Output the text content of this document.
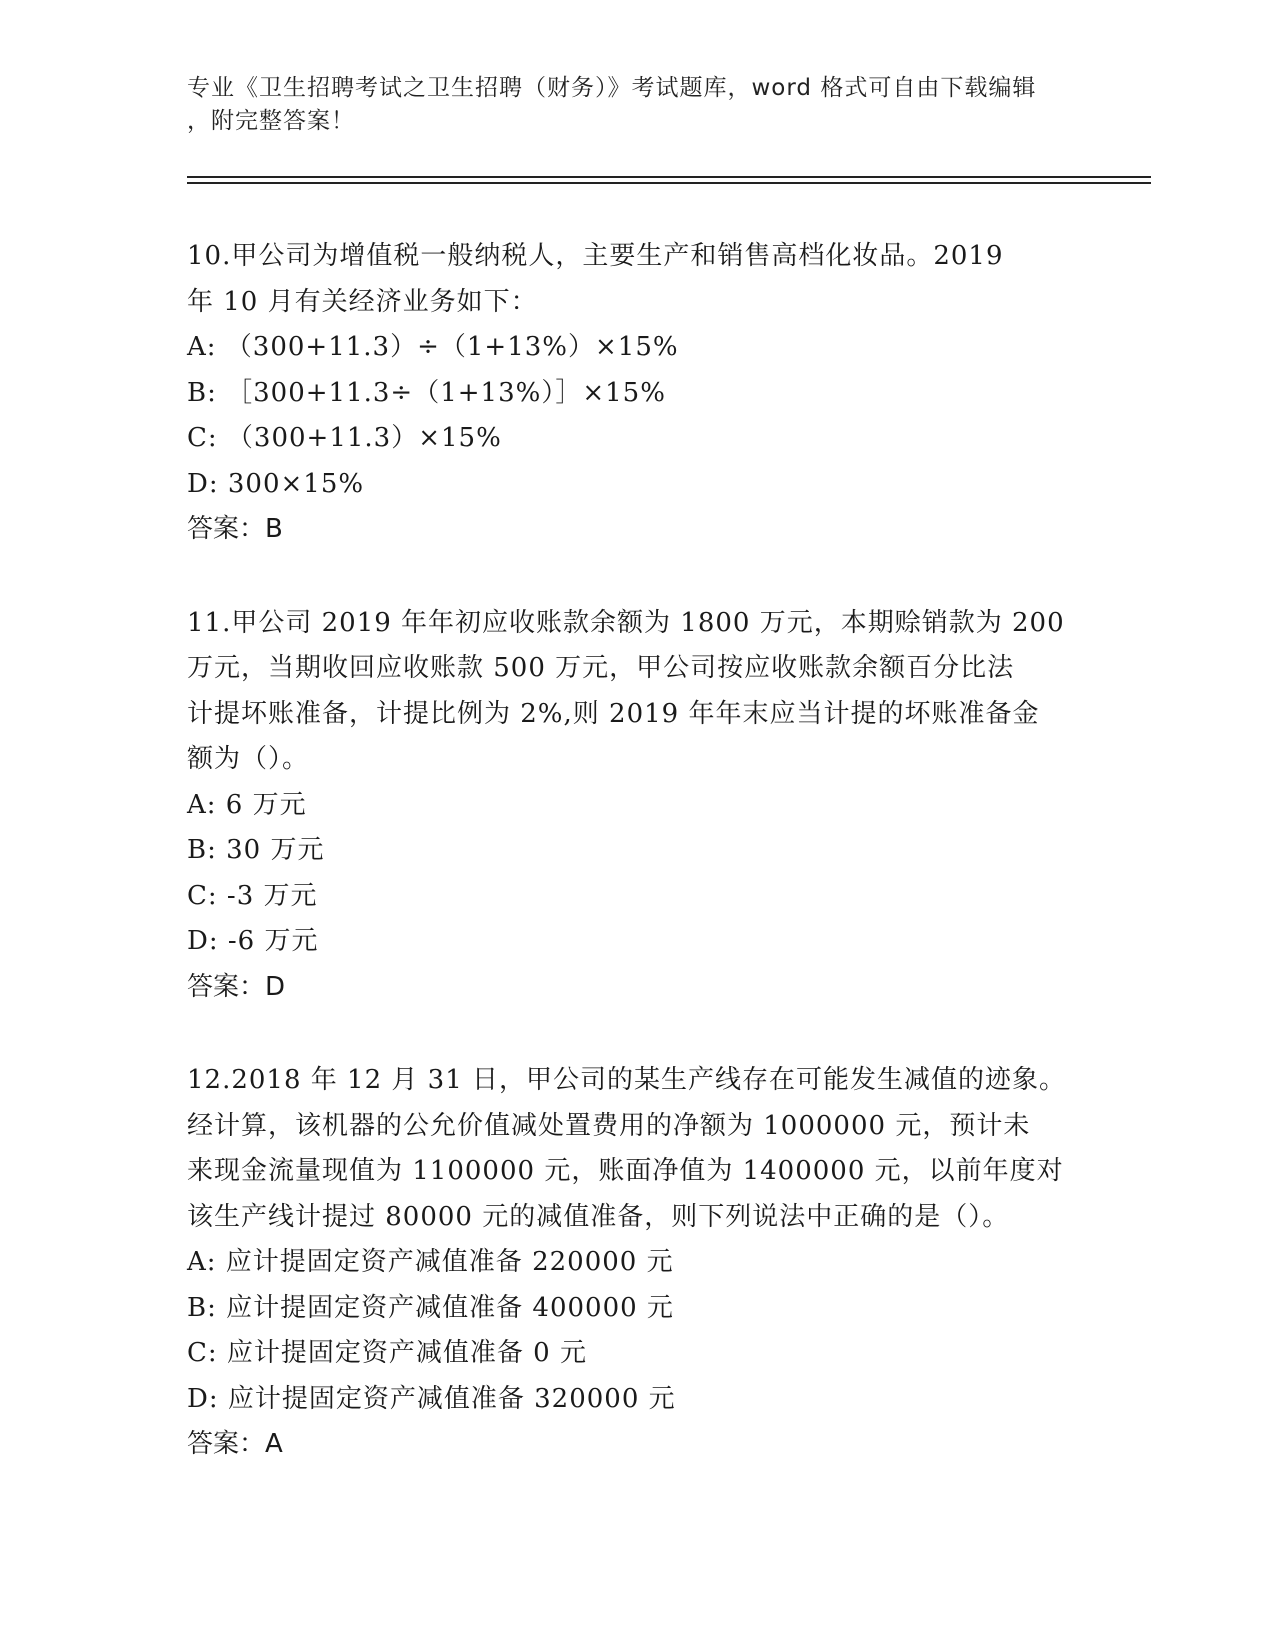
专业《卫生招聘考试之卫生招聘（财务）》考试题库，word 格式可自由下载编辑
，附完整答案！
10.甲公司为增值税一般纳税人，主要生产和销售高档化妆品。2019
年 10 月有关经济业务如下：
A: （300+11.3）÷（1+13%）×15%
B: ［300+11.3÷（1+13%）］×15%
C: （300+11.3）×15%
D: 300×15%
答案：B
11.甲公司 2019 年年初应收账款余额为 1800 万元，本期赊销款为 200
万元，当期收回应收账款 500 万元，甲公司按应收账款余额百分比法
计提坏账准备，计提比例为 2%,则 2019 年年末应当计提的坏账准备金
额为（）。
A: 6 万元
B: 30 万元
C: -3 万元
D: -6 万元
答案：D
12.2018 年 12 月 31 日，甲公司的某生产线存在可能发生减值的迹象。
经计算，该机器的公允价值减处置费用的净额为 1000000 元，预计未
来现金流量现值为 1100000 元，账面净值为 1400000 元，以前年度对
该生产线计提过 80000 元的减值准备，则下列说法中正确的是（）。
A: 应计提固定资产减值准备 220000 元
B: 应计提固定资产减值准备 400000 元
C: 应计提固定资产减值准备 0 元
D: 应计提固定资产减值准备 320000 元
答案：A
